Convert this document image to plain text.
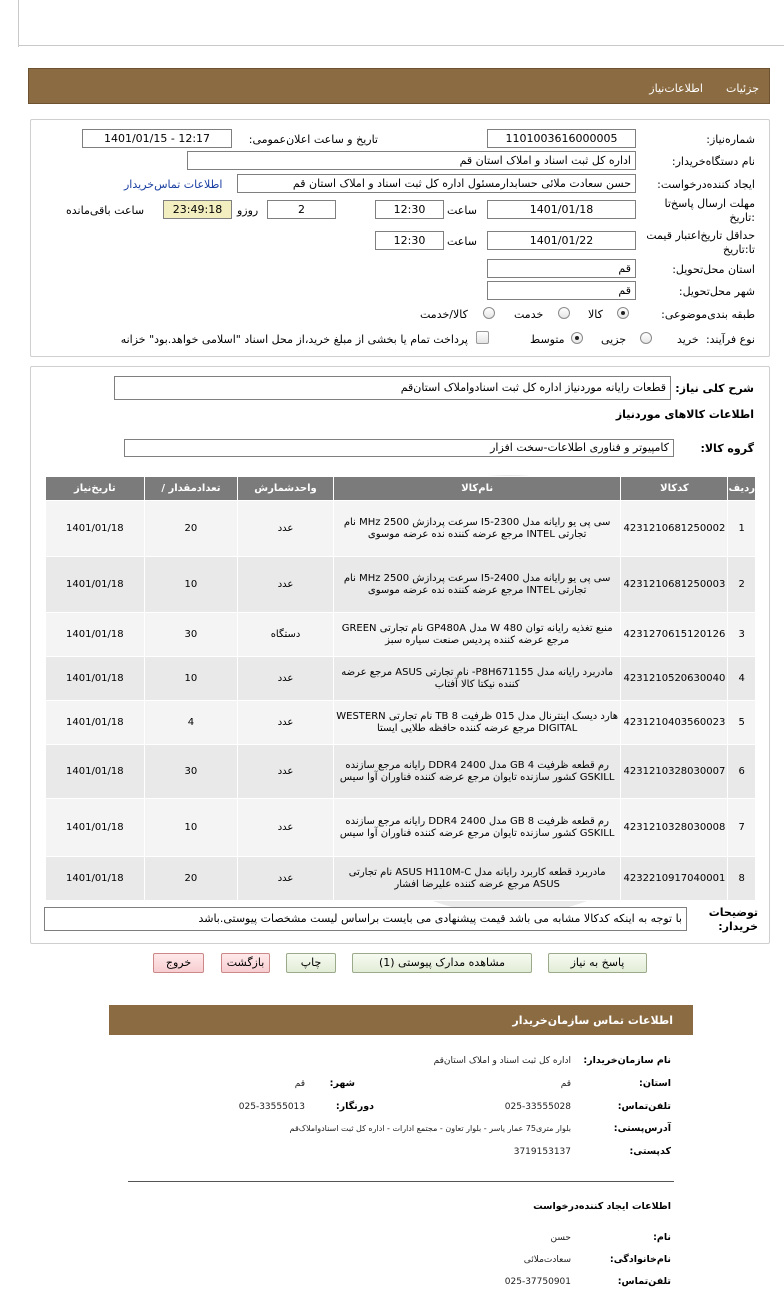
جزئیات
اطلاعات‌نیاز
شماره‌نیاز:
1101003616000005
تاریخ و ساعت اعلان‌عمومی:
1401/01/15 - 12:17
نام دستگاه‌خریدار:
اداره کل ثبت اسناد و املاک استان قم
ایجاد کننده‌درخواست:
حسن سعادت ملائی حسابدارمسئول اداره کل ثبت اسناد و املاک استان قم
اطلاعات تماس‌خریدار
مهلت ارسال پاسخ‌تا :تاریخ
1401/01/18
ساعت
12:30
2
روزو
23:49:18
ساعت باقی‌مانده
حداقل تاریخ‌اعتبار قیمت تا:تاریخ
1401/01/22
ساعت
12:30
استان محل‌تحویل:
قم
شهر محل‌تحویل:
قم
طبقه بندی‌موضوعی:
کالا
خدمت
کالا/خدمت
نوع فرآیند:
خرید
جزیی
متوسط
پرداخت تمام یا بخشی از مبلغ خرید،از محل اسناد "اسلامی خواهد.بود" خزانه
شرح کلی نیاز:
قطعات رایانه موردنیاز اداره کل ثبت اسنادواملاک استان‌قم
اطلاعات کالاهای موردنیاز
گروه کالا:
کامپیوتر و فناوری اطلاعات-سخت افزار
ردیف	کدکالا	نام‌کالا	واحدشمارش	تعدادمقدار /	تاریخ‌نیاز
1	4231210681250002	سی پی یو رایانه مدل I5-2300 سرعت پردازش 2500 MHz نام تجارتی INTEL مرجع عرضه کننده نده عرضه موسوی	عدد	20	1401/01/18
2	4231210681250003	سی پی یو رایانه مدل I5-2400 سرعت پردازش 2500 MHz نام تجارتی INTEL مرجع عرضه کننده نده عرضه موسوی	عدد	10	1401/01/18
3	4231270615120126	منبع تغذیه رایانه توان 480 W مدل GP480A نام تجارتی GREEN مرجع عرضه کننده پردیس صنعت سیاره سبز	دستگاه	30	1401/01/18
4	4231210520630040	مادربرد رایانه مدل P8H671155- نام تجارتی ASUS مرجع عرضه کننده نیکتا کالا آفتاب	عدد	10	1401/01/18
5	4231210403560023	هارد دیسک اینترنال مدل 015 ظرفیت 8 TB نام تجارتی WESTERN DIGITAL مرجع عرضه کننده حافظه طلایی ایستا	عدد	4	1401/01/18
6	4231210328030007	رم قطعه ظرفیت 4 GB مدل DDR4 2400 رایانه مرجع سازنده GSKILL کشور سازنده تایوان مرجع عرضه کننده فناوران آوا سیس	عدد	30	1401/01/18
7	4231210328030008	رم قطعه ظرفیت 8 GB مدل DDR4 2400 رایانه مرجع سازنده GSKILL کشور سازنده تایوان مرجع عرضه کننده فناوران آوا سیس	عدد	10	1401/01/18
8	4232210917040001	مادربرد قطعه کاربرد رایانه مدل ASUS H110M-C نام تجارتی ASUS مرجع عرضه کننده علیرضا افشار	عدد	20	1401/01/18
توضیحات خریدار:
با توجه به اینکه کدکالا مشابه می باشد قیمت پیشنهادی می بایست براساس لیست مشخصات پیوستی.باشد
پاسخ به نیاز
مشاهده مدارک پیوستی (1)
چاپ
بازگشت
خروج
اطلاعات تماس سازمان‌خریدار
نام سازمان‌خریدار:
اداره کل ثبت اسناد و املاک استان‌قم
استان:
قم
شهر:
قم
تلفن‌تماس:
025-33555028
دورنگار:
025-33555013
آدرس‌پستی:
بلوار متری75 عمار یاسر - بلوار تعاون - مجتمع ادارات - اداره کل ثبت اسنادواملاک‌قم
کدپستی:
3719153137
اطلاعات ایجاد کننده‌درخواست
نام:
حسن
نام‌خانوادگی:
سعادت‌ملائی
تلفن‌تماس:
025-37750901
